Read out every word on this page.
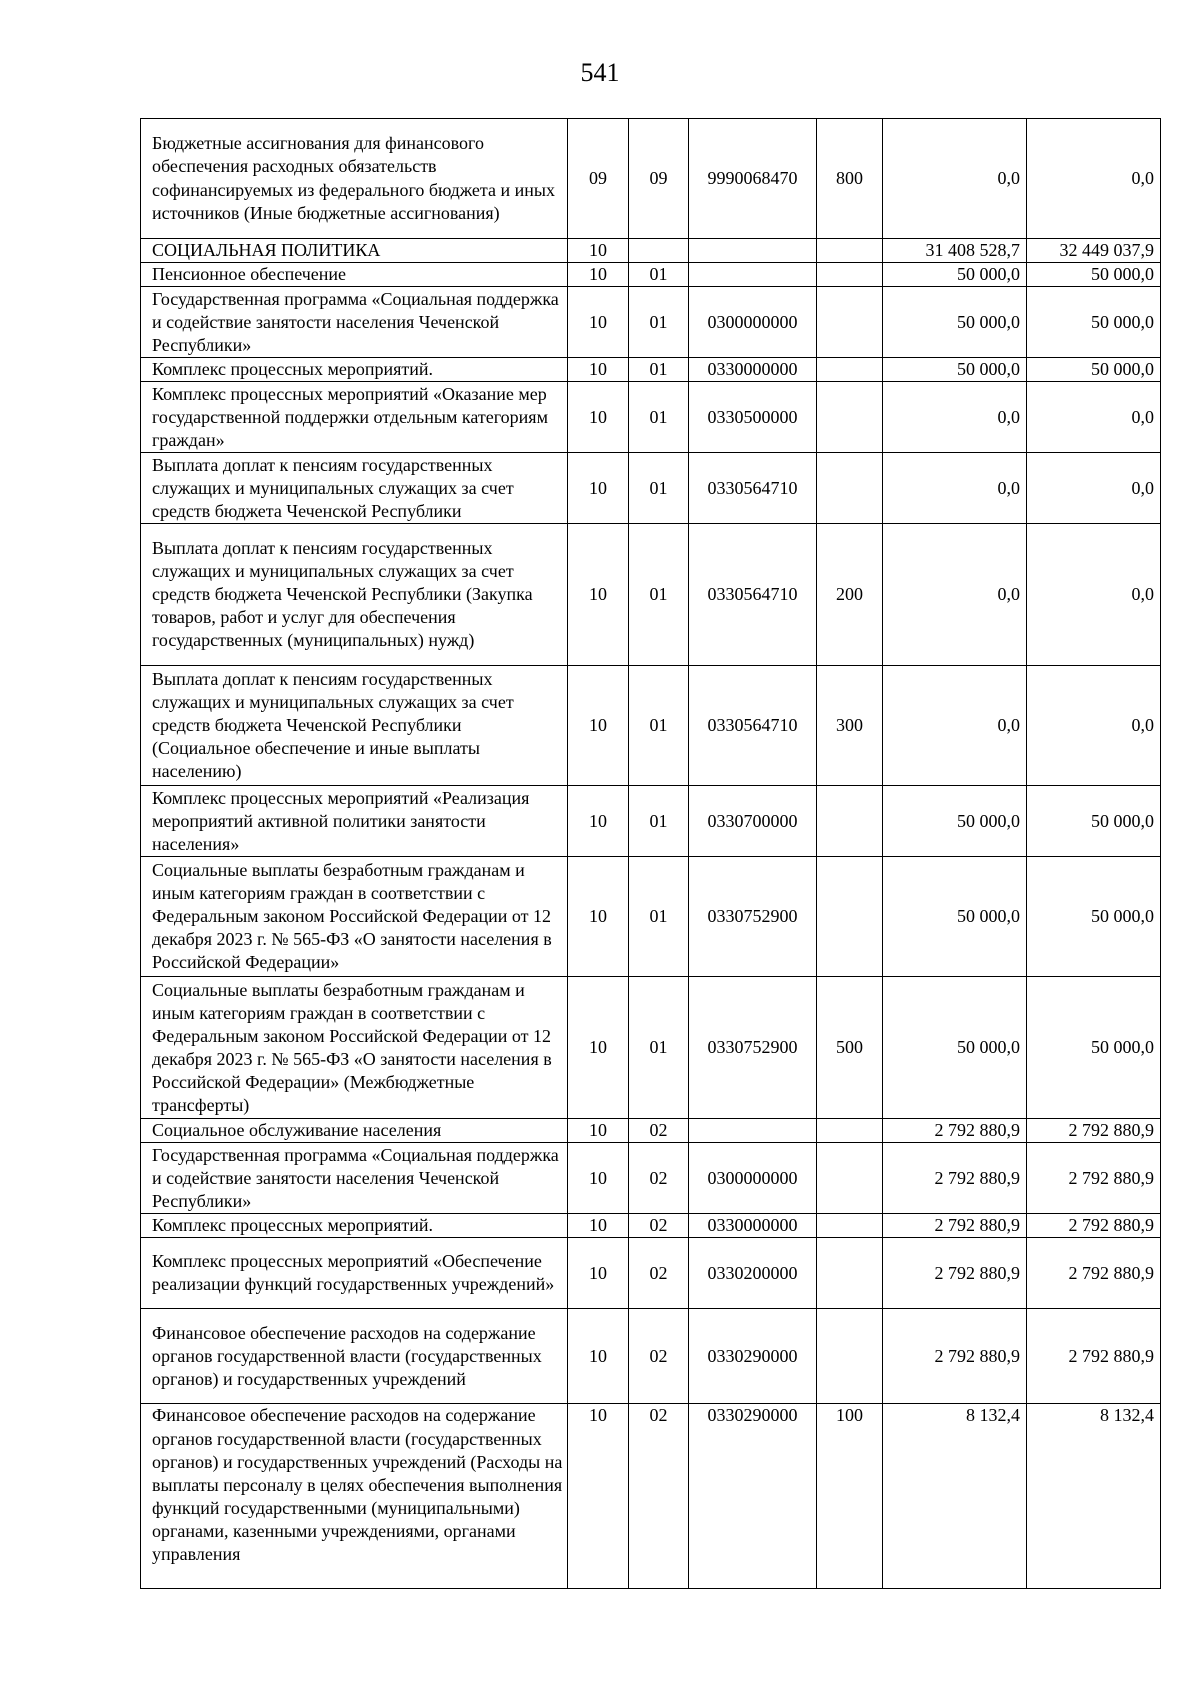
541
Бюджетные ассигнования для финансового обеспечения расходных обязательств софинансируемых из федерального бюджета и иных источников (Иные бюджетные ассигнования)	09	09	9990068470	800	0,0	0,0
СОЦИАЛЬНАЯ ПОЛИТИКА	10				31 408 528,7	32 449 037,9
Пенсионное обеспечение	10	01			50 000,0	50 000,0
Государственная программа «Социальная поддержка и содействие занятости населения Чеченской Республики»	10	01	0300000000		50 000,0	50 000,0
Комплекс процессных мероприятий.	10	01	0330000000		50 000,0	50 000,0
Комплекс процессных мероприятий «Оказание мер государственной поддержки отдельным категориям граждан»	10	01	0330500000		0,0	0,0
Выплата доплат к пенсиям государственных служащих и муниципальных служащих за счет средств бюджета Чеченской Республики	10	01	0330564710		0,0	0,0
Выплата доплат к пенсиям государственных служащих и муниципальных служащих за счет средств бюджета Чеченской Республики (Закупка товаров, работ и услуг для обеспечения государственных (муниципальных) нужд)	10	01	0330564710	200	0,0	0,0
Выплата доплат к пенсиям государственных служащих и муниципальных служащих за счет средств бюджета Чеченской Республики (Социальное обеспечение и иные выплаты населению)	10	01	0330564710	300	0,0	0,0
Комплекс процессных мероприятий «Реализация мероприятий активной политики занятости населения»	10	01	0330700000		50 000,0	50 000,0
Социальные выплаты безработным гражданам и иным категориям граждан в соответствии с Федеральным законом Российской Федерации от 12 декабря 2023 г. № 565-ФЗ «О занятости населения в Российской Федерации»	10	01	0330752900		50 000,0	50 000,0
Социальные выплаты безработным гражданам и иным категориям граждан в соответствии с Федеральным законом Российской Федерации от 12 декабря 2023 г. № 565-ФЗ «О занятости населения в Российской Федерации» (Межбюджетные трансферты)	10	01	0330752900	500	50 000,0	50 000,0
Социальное обслуживание населения	10	02			2 792 880,9	2 792 880,9
Государственная программа «Социальная поддержка и содействие занятости населения Чеченской Республики»	10	02	0300000000		2 792 880,9	2 792 880,9
Комплекс процессных мероприятий.	10	02	0330000000		2 792 880,9	2 792 880,9
Комплекс процессных мероприятий «Обеспечение реализации функций государственных учреждений»	10	02	0330200000		2 792 880,9	2 792 880,9
Финансовое обеспечение расходов на содержание органов государственной власти (государственных органов) и государственных учреждений	10	02	0330290000		2 792 880,9	2 792 880,9
Финансовое обеспечение расходов на содержание органов государственной власти (государственных органов) и государственных учреждений (Расходы на выплаты персоналу в целях обеспечения выполнения функций государственными (муниципальными) органами, казенными учреждениями, органами управления	10	02	0330290000	100	8 132,4	8 132,4
